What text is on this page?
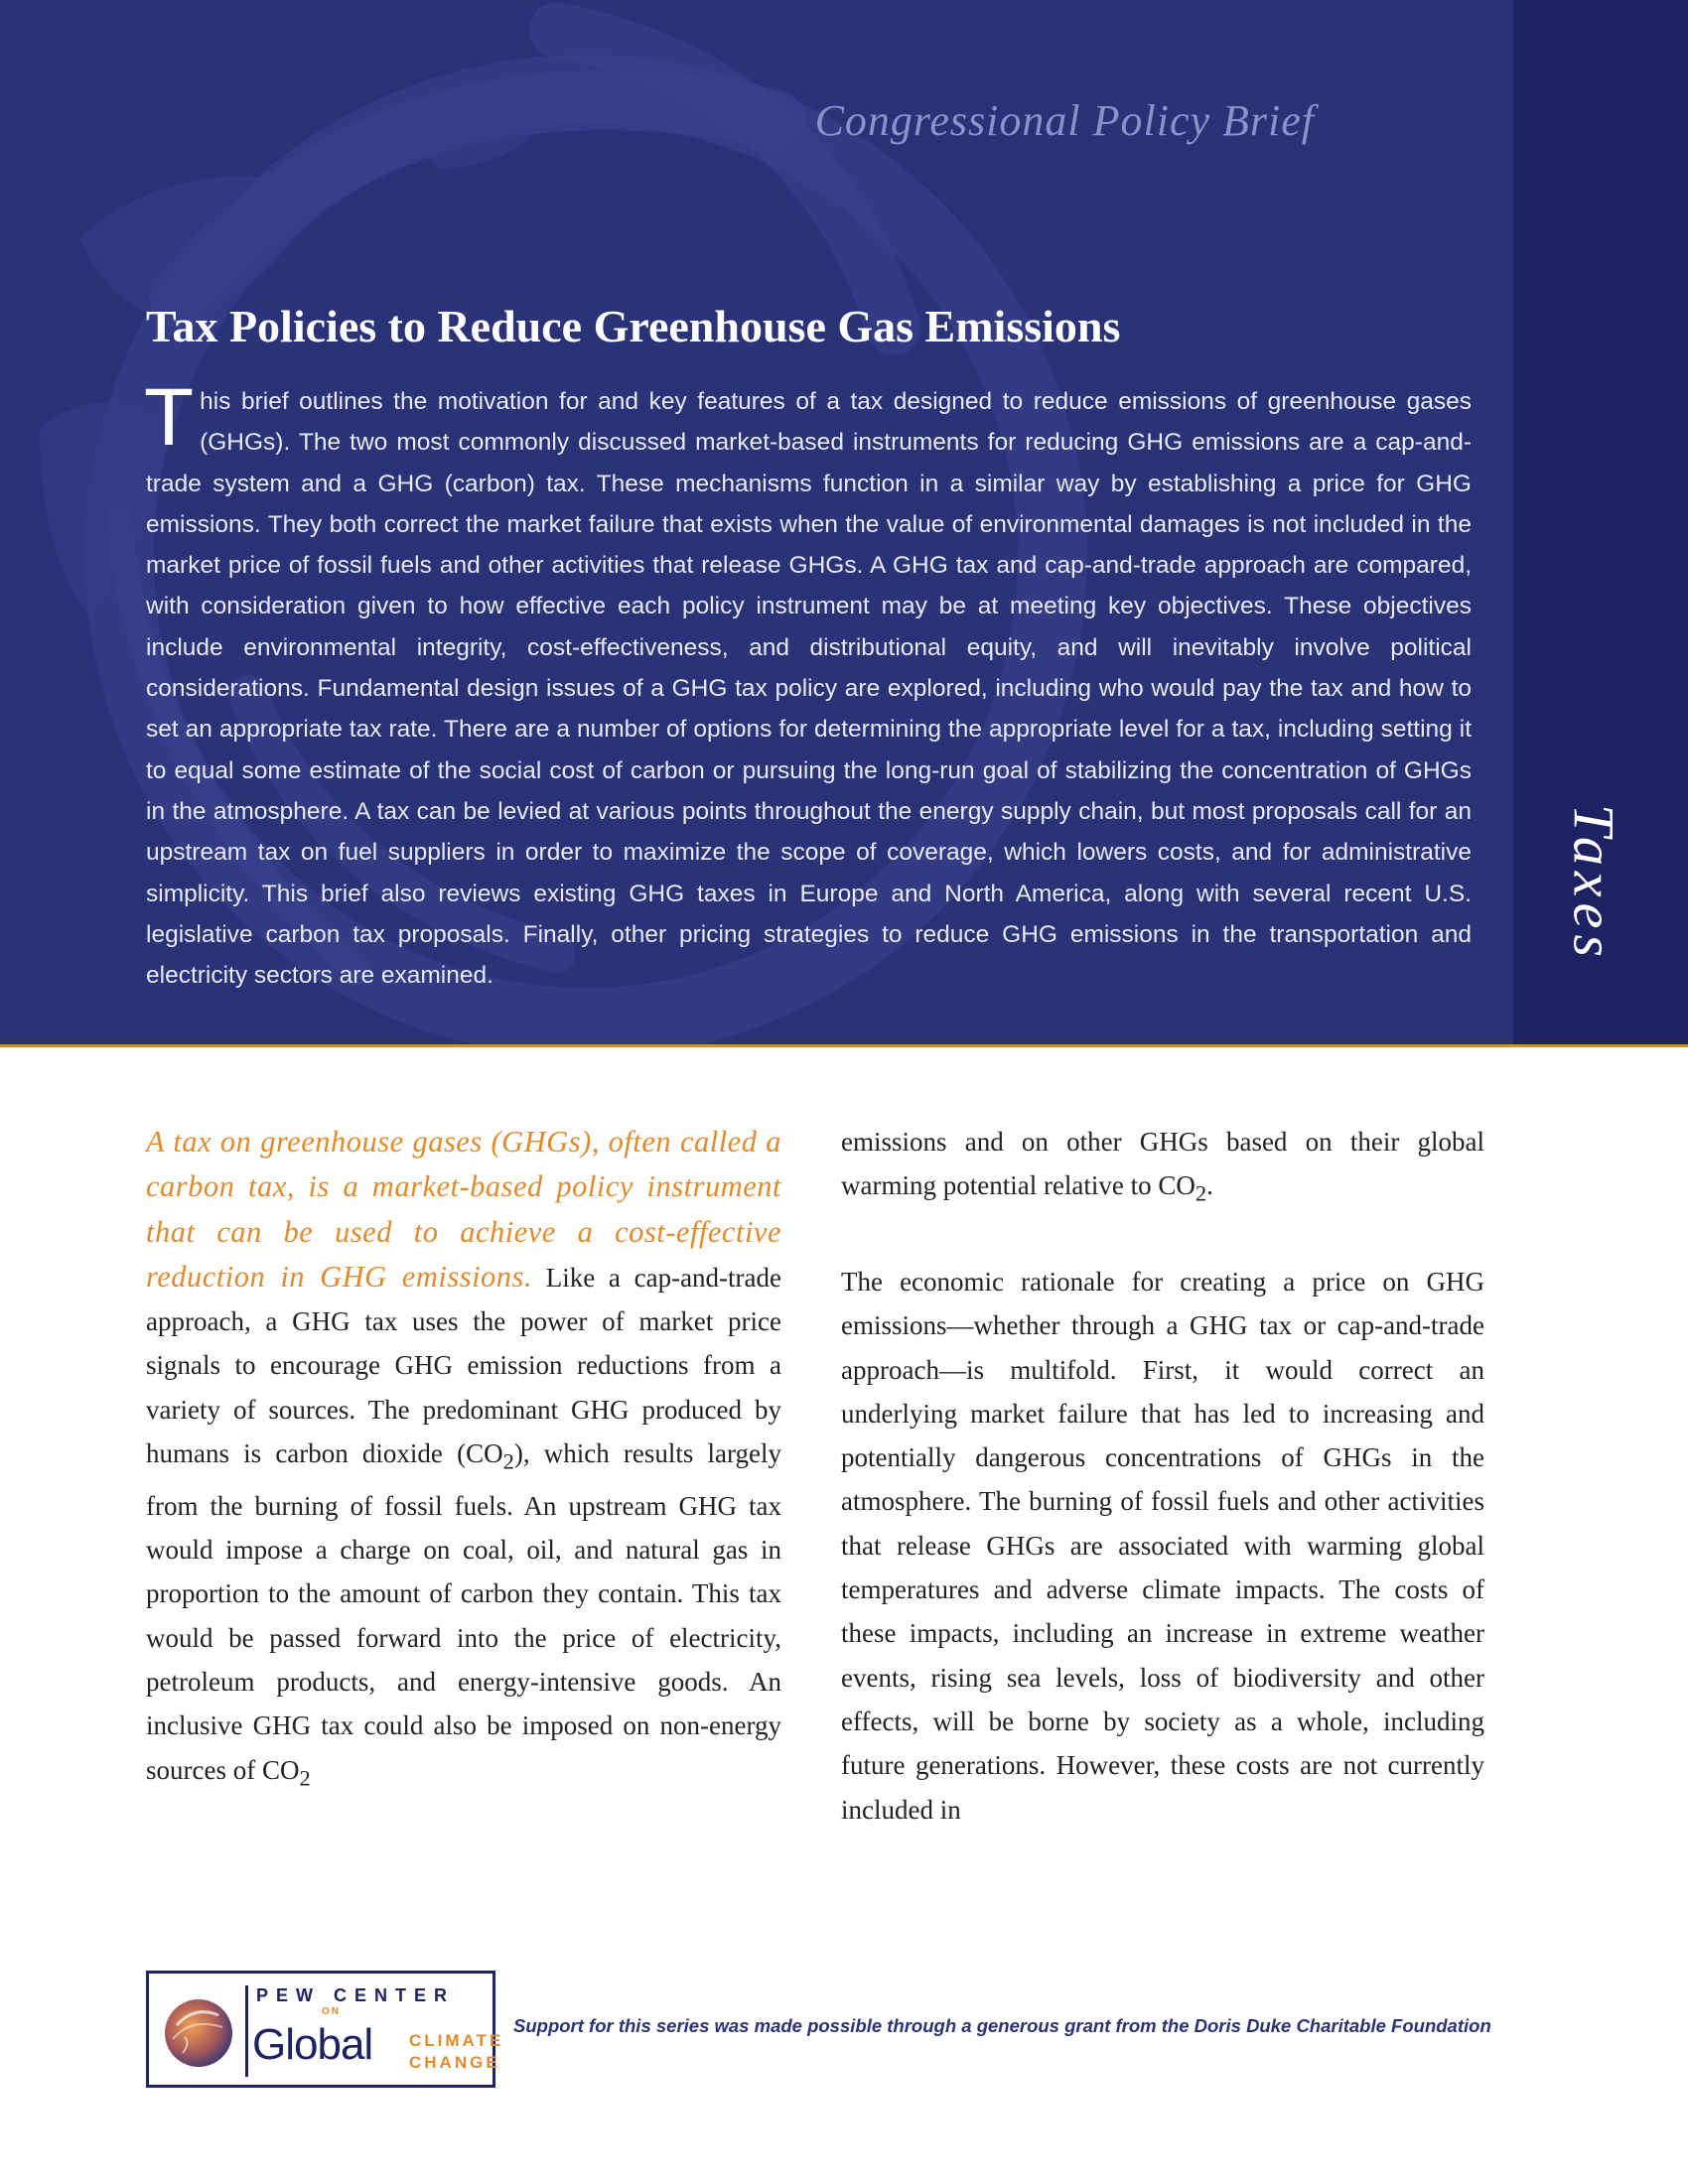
Congressional Policy Brief
Tax Policies to Reduce Greenhouse Gas Emissions

This brief outlines the motivation for and key features of a tax designed to reduce emissions of greenhouse gases (GHGs). The two most commonly discussed market-based instruments for reducing GHG emissions are a cap-and-trade system and a GHG (carbon) tax. These mechanisms function in a similar way by establishing a price for GHG emissions. They both correct the market failure that exists when the value of environmental damages is not included in the market price of fossil fuels and other activities that release GHGs. A GHG tax and cap-and-trade approach are compared, with consideration given to how effective each policy instrument may be at meeting key objectives. These objectives include environmental integrity, cost-effectiveness, and distributional equity, and will inevitably involve political considerations. Fundamental design issues of a GHG tax policy are explored, including who would pay the tax and how to set an appropriate tax rate. There are a number of options for determining the appropriate level for a tax, including setting it to equal some estimate of the social cost of carbon or pursuing the long-run goal of stabilizing the concentration of GHGs in the atmosphere. A tax can be levied at various points throughout the energy supply chain, but most proposals call for an upstream tax on fuel suppliers in order to maximize the scope of coverage, which lowers costs, and for administrative simplicity. This brief also reviews existing GHG taxes in Europe and North America, along with several recent U.S. legislative carbon tax proposals. Finally, other pricing strategies to reduce GHG emissions in the transportation and electricity sectors are examined.

Taxes

A tax on greenhouse gases (GHGs), often called a carbon tax, is a market-based policy instrument that can be used to achieve a cost-effective reduction in GHG emissions. Like a cap-and-trade approach, a GHG tax uses the power of market price signals to encourage GHG emission reductions from a variety of sources. The predominant GHG produced by humans is carbon dioxide $(CO_2)$, which results largely from the burning of fossil fuels. An upstream GHG tax would impose a charge on coal, oil, and natural gas in proportion to the amount of carbon they contain. This tax would be passed forward into the price of electricity, petroleum products, and energy-intensive goods. An inclusive GHG tax could also be imposed on non-energy sources of $CO_2$

emissions and on other GHGs based on their global warming potential relative to $CO_2$.

The economic rationale for creating a price on GHG emissions—whether through a GHG tax or cap-and-trade approach—is multifold. First, it would correct an underlying market failure that has led to increasing and potentially dangerous concentrations of GHGs in the atmosphere. The burning of fossil fuels and other activities that release GHGs are associated with warming global temperatures and adverse climate impacts. The costs of these impacts, including an increase in extreme weather events, rising sea levels, loss of biodiversity and other effects, will be borne by society as a whole, including future generations. However, these costs are not currently included in

PEW CENTER
ON
Global CLIMATE
CHANGE
Support for this series was made possible through a generous grant from the Doris Duke Charitable Foundation
